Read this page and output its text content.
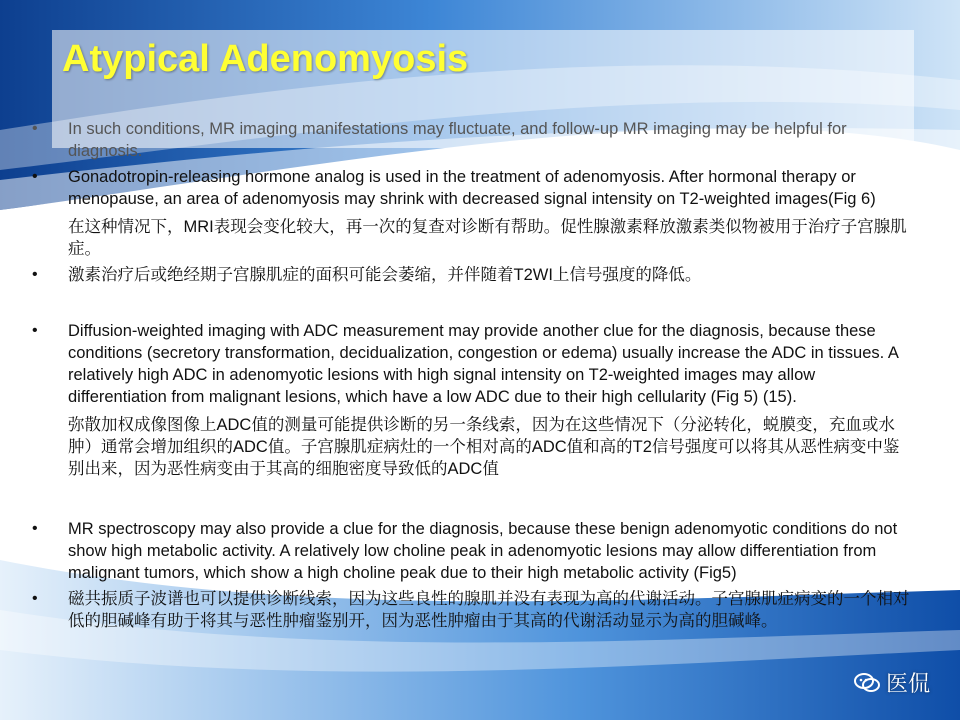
Atypical Adenomyosis
• In such conditions, MR imaging manifestations may fluctuate, and follow-up MR imaging may be helpful for diagnosis.
• Gonadotropin-releasing hormone analog is used in the treatment of adenomyosis. After hormonal therapy or menopause, an area of adenomyosis may shrink with decreased signal intensity on T2-weighted images(Fig 6)
在这种情况下，MRI表现会变化较大，再一次的复查对诊断有帮助。促性腺激素释放激素类似物被用于治疗子宫腺肌症。
• 激素治疗后或绝经期子宫腺肌症的面积可能会萎缩，并伴随着T2WI上信号强度的降低。
• Diffusion-weighted imaging with ADC measurement may provide another clue for the diagnosis, because these conditions (secretory transformation, decidualization, congestion or edema) usually increase the ADC in tissues. A relatively high ADC in adenomyotic lesions with high signal intensity on T2-weighted images may allow differentiation from malignant lesions, which have a low ADC due to their high cellularity (Fig 5) (15).
弥散加权成像图像上ADC值的测量可能提供诊断的另一条线索，因为在这些情况下（分泌转化，蜕膜变，充血或水肿）通常会增加组织的ADC值。子宫腺肌症病灶的一个相对高的ADC值和高的T2信号强度可以将其从恶性病变中鉴别出来，因为恶性病变由于其高的细胞密度导致低的ADC值
• MR spectroscopy may also provide a clue for the diagnosis, because these benign adenomyotic conditions do not show high metabolic activity. A relatively low choline peak in adenomyotic lesions may allow differentiation from malignant tumors, which show a high choline peak due to their high metabolic activity (Fig5)
• 磁共振质子波谱也可以提供诊断线索，因为这些良性的腺肌并没有表现为高的代谢活动。子宫腺肌症病变的一个相对低的胆碱峰有助于将其与恶性肿瘤鉴别开，因为恶性肿瘤由于其高的代谢活动显示为高的胆碱峰。
医侃
